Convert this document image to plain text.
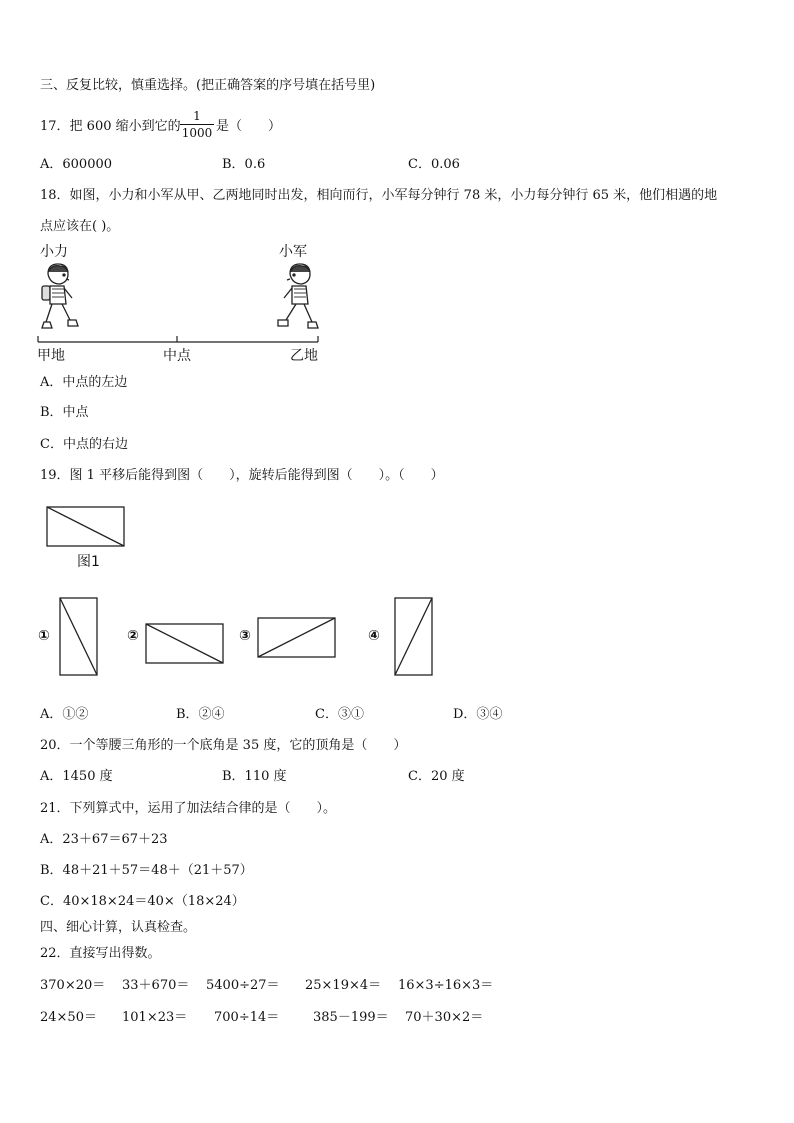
三、反复比较，慎重选择。(把正确答案的序号填在括号里)
17．把 600 缩小到它的
1
1000 是（　　）
A．600000	B．0.6	C．0.06
18．如图，小力和小军从甲、乙两地同时出发，相向而行，小军每分钟行 78 米，小力每分钟行 65 米，他们相遇的地
点应该在( )。
小力	小军
甲地	中点	乙地
A．中点的左边
B．中点
C．中点的右边
19．图 1 平移后能得到图（　　），旋转后能得到图（　　）。（　　）
图1
①	②	③	④
A．①②	B．②④	C．③①	D．③④
20．一个等腰三角形的一个底角是 35 度，它的顶角是（　　）
A．1450 度	B．110 度	C．20 度
21．下列算式中，运用了加法结合律的是（　　）。
A．23＋67＝67＋23
B．48＋21＋57＝48＋（21＋57）
C．40×18×24＝40×（18×24）
四、细心计算，认真检查。
22．直接写出得数。
370×20＝ 33＋670＝ 5400÷27＝ 25×19×4＝ 16×3÷16×3＝
24×50＝ 101×23＝ 700÷14＝	385－199＝ 70＋30×2＝
